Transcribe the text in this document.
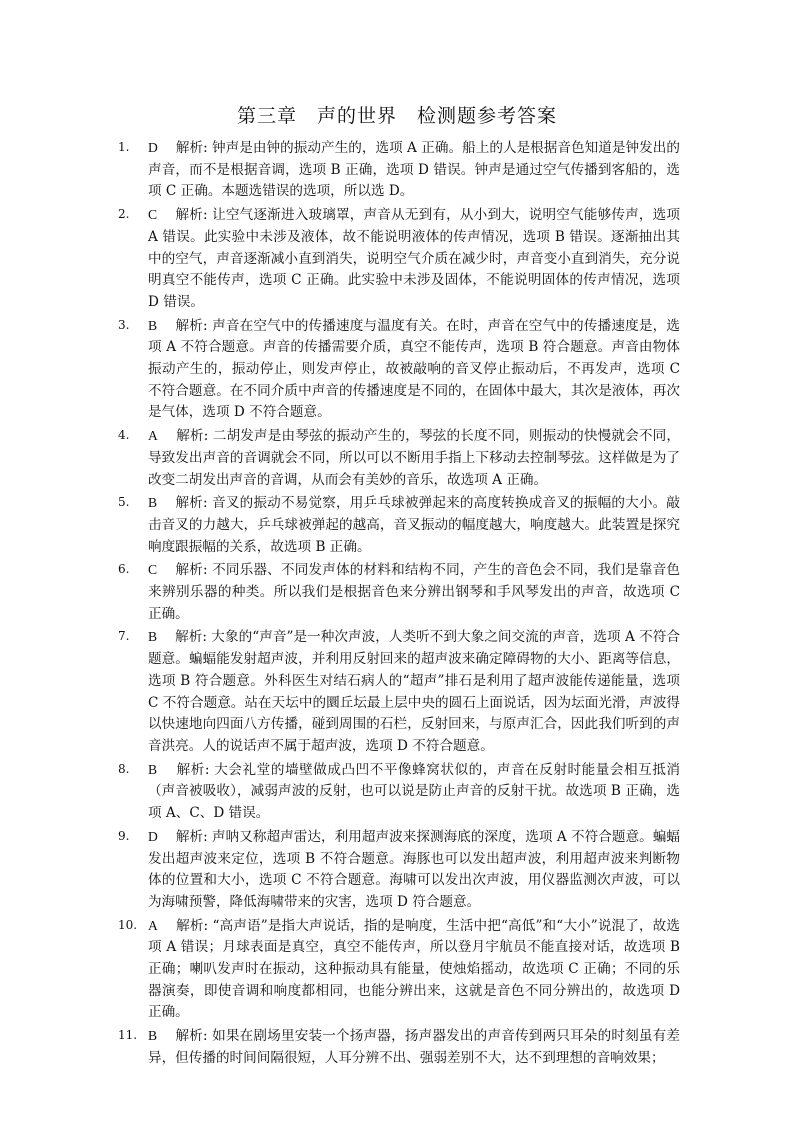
第三章　声的世界　检测题参考答案
1. D　 解析: 钟声是由钟的振动产生的，选项 A 正确。船上的人是根据音色知道是钟发出的声音，而不是根据音调，选项 B 正确，选项 D 错误。钟声是通过空气传播到客船的，选项 C 正确。本题选错误的选项，所以选 D。
2. C　 解析: 让空气逐渐进入玻璃罩，声音从无到有，从小到大，说明空气能够传声，选项 A 错误。此实验中未涉及液体，故不能说明液体的传声情况，选项 B 错误。逐渐抽出其中的空气，声音逐渐减小直到消失，说明空气介质在减少时，声音变小直到消失，充分说明真空不能传声，选项 C 正确。此实验中未涉及固体，不能说明固体的传声情况，选项 D 错误。
3. B　 解析: 声音在空气中的传播速度与温度有关。在时，声音在空气中的传播速度是，选项 A 不符合题意。声音的传播需要介质，真空不能传声，选项 B 符合题意。声音由物体振动产生的，振动停止，则发声停止，故被敲响的音叉停止振动后，不再发声，选项 C 不符合题意。在不同介质中声音的传播速度是不同的，在固体中最大，其次是液体，再次是气体，选项 D 不符合题意。
4. A　 解析: 二胡发声是由琴弦的振动产生的，琴弦的长度不同，则振动的快慢就会不同，导致发出声音的音调就会不同，所以可以不断用手指上下移动去控制琴弦。这样做是为了改变二胡发出声音的音调，从而会有美妙的音乐，故选项 A 正确。
5. B　 解析: 音叉的振动不易觉察，用乒乓球被弹起来的高度转换成音叉的振幅的大小。敲击音叉的力越大，乒乓球被弹起的越高，音叉振动的幅度越大，响度越大。此装置是探究响度跟振幅的关系，故选项 B 正确。
6. C　 解析: 不同乐器、不同发声体的材料和结构不同，产生的音色会不同，我们是靠音色来辨别乐器的种类。所以我们是根据音色来分辨出钢琴和手风琴发出的声音，故选项 C 正确。
7. B　 解析: 大象的“声音”是一种次声波，人类听不到大象之间交流的声音，选项 A 不符合题意。蝙蝠能发射超声波，并利用反射回来的超声波来确定障碍物的大小、距离等信息，选项 B 符合题意。外科医生对结石病人的“超声”排石是利用了超声波能传递能量，选项 C 不符合题意。站在天坛中的圜丘坛最上层中央的圆石上面说话，因为坛面光滑，声波得以快速地向四面八方传播，碰到周围的石栏，反射回来，与原声汇合，因此我们听到的声音洪亮。人的说话声不属于超声波，选项 D 不符合题意。
8. B　 解析: 大会礼堂的墙壁做成凸凹不平像蜂窝状似的，声音在反射时能量会相互抵消（声音被吸收），减弱声波的反射，也可以说是防止声音的反射干扰。故选项 B 正确，选项 A、C、D 错误。
9. D　 解析: 声呐又称超声雷达，利用超声波来探测海底的深度，选项 A 不符合题意。蝙蝠发出超声波来定位，选项 B 不符合题意。海豚也可以发出超声波，利用超声波来判断物体的位置和大小，选项 C 不符合题意。海啸可以发出次声波，用仪器监测次声波，可以为海啸预警，降低海啸带来的灾害，选项 D 符合题意。
10. A　 解析: “高声语”是指大声说话，指的是响度，生活中把“高低”和“大小”说混了，故选项 A 错误；月球表面是真空，真空不能传声，所以登月宇航员不能直接对话，故选项 B 正确；喇叭发声时在振动，这种振动具有能量，使烛焰摇动，故选项 C 正确；不同的乐器演奏，即使音调和响度都相同，也能分辨出来，这就是音色不同分辨出的，故选项 D 正确。
11. B　 解析: 如果在剧场里安装一个扬声器，扬声器发出的声音传到两只耳朵的时刻虽有差异，但传播的时间间隔很短，人耳分辨不出、强弱差别不大，达不到理想的音响效果；
